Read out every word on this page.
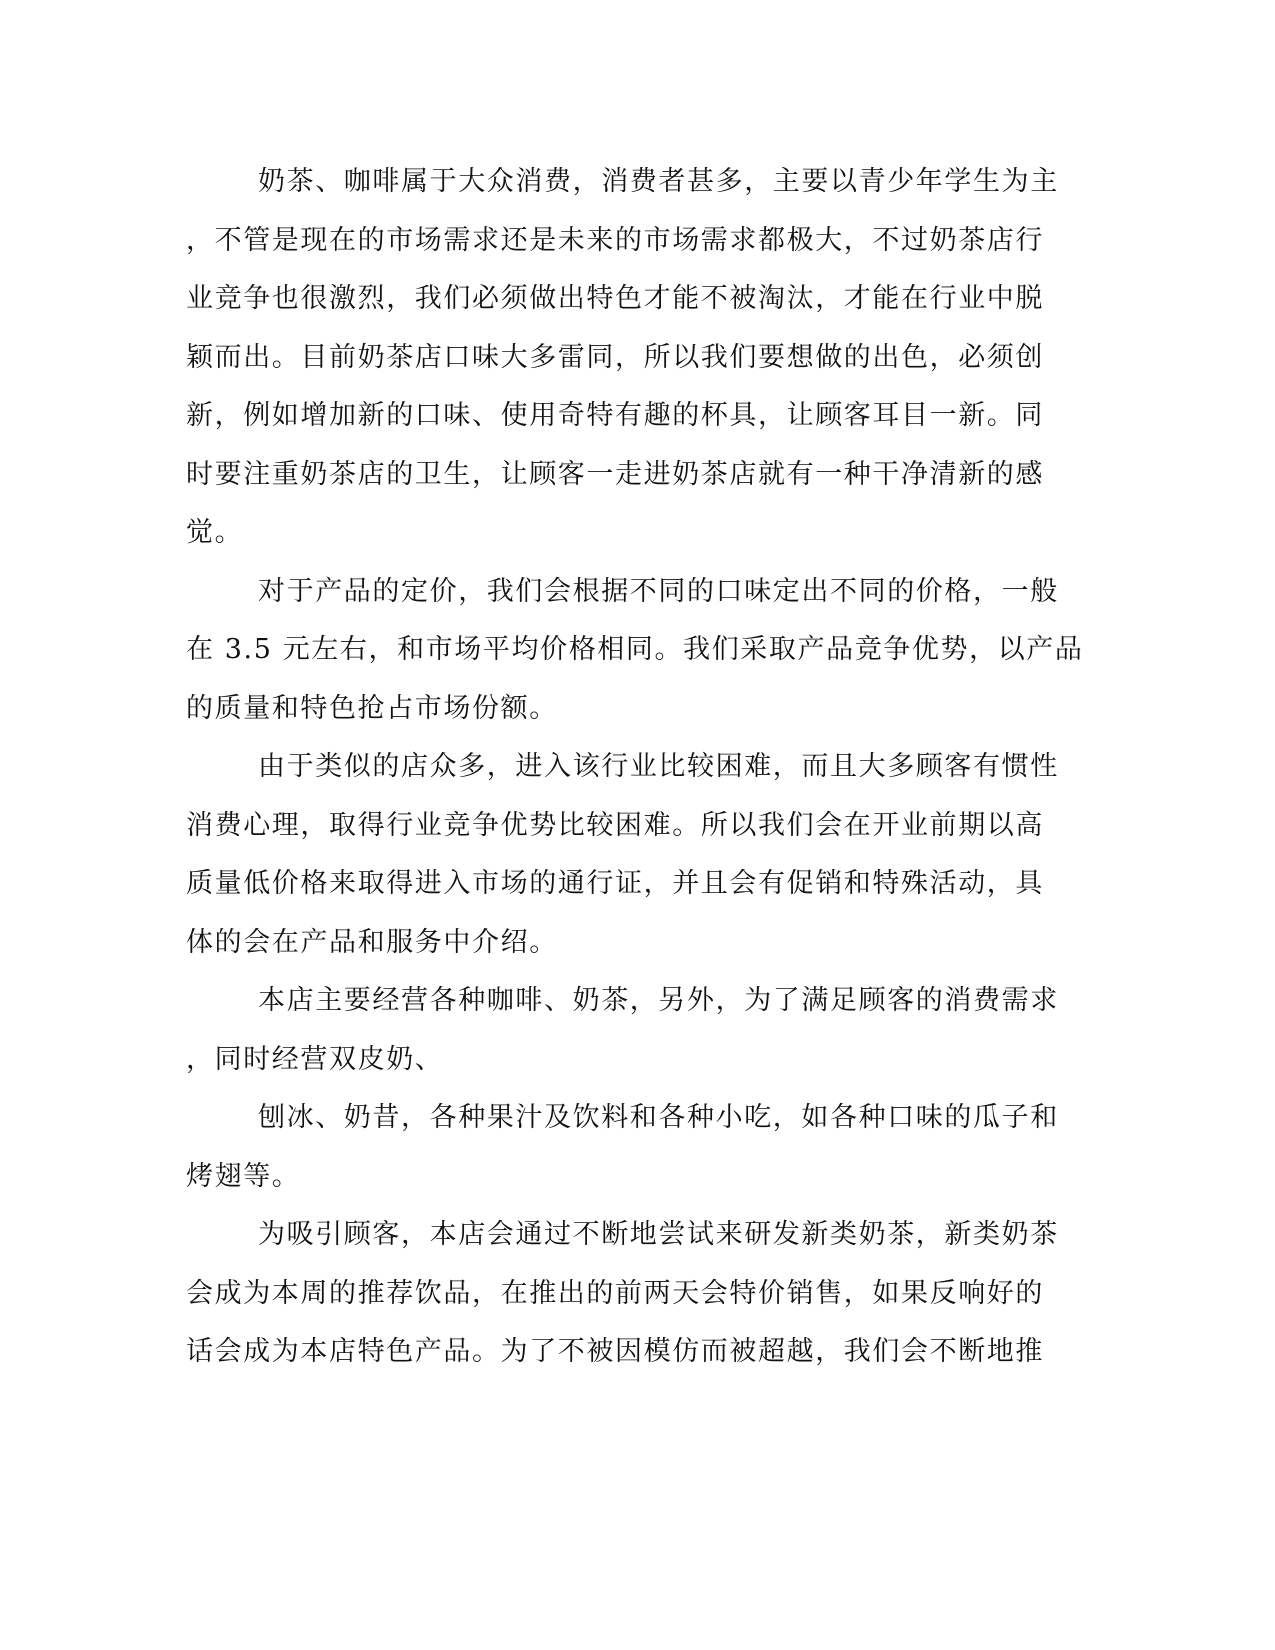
奶茶、咖啡属于大众消费，消费者甚多，主要以青少年学生为主
，不管是现在的市场需求还是未来的市场需求都极大，不过奶茶店行
业竞争也很激烈，我们必须做出特色才能不被淘汰，才能在行业中脱
颖而出。目前奶茶店口味大多雷同，所以我们要想做的出色，必须创
新，例如增加新的口味、使用奇特有趣的杯具，让顾客耳目一新。同
时要注重奶茶店的卫生，让顾客一走进奶茶店就有一种干净清新的感
觉。
对于产品的定价，我们会根据不同的口味定出不同的价格，一般
在 3.5 元左右，和市场平均价格相同。我们采取产品竞争优势，以产品
的质量和特色抢占市场份额。
由于类似的店众多，进入该行业比较困难，而且大多顾客有惯性
消费心理，取得行业竞争优势比较困难。所以我们会在开业前期以高
质量低价格来取得进入市场的通行证，并且会有促销和特殊活动，具
体的会在产品和服务中介绍。
本店主要经营各种咖啡、奶茶，另外，为了满足顾客的消费需求
，同时经营双皮奶、
刨冰、奶昔，各种果汁及饮料和各种小吃，如各种口味的瓜子和
烤翅等。
为吸引顾客，本店会通过不断地尝试来研发新类奶茶，新类奶茶
会成为本周的推荐饮品，在推出的前两天会特价销售，如果反响好的
话会成为本店特色产品。为了不被因模仿而被超越，我们会不断地推
